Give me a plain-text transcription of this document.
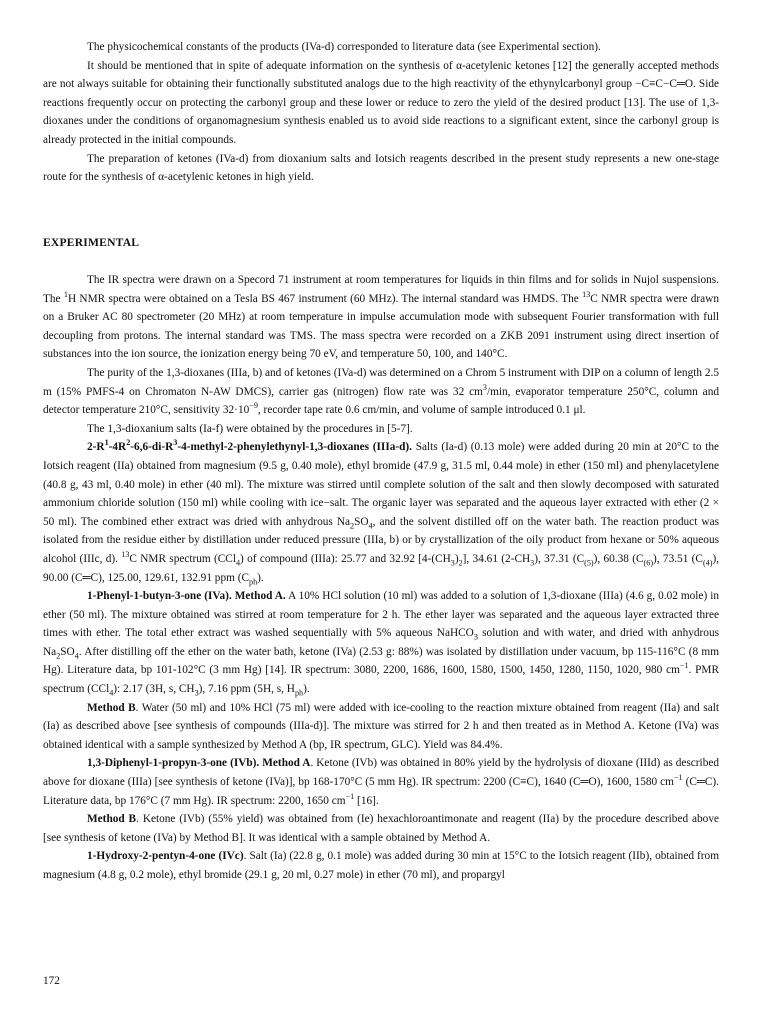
The physicochemical constants of the products (IVa-d) corresponded to literature data (see Experimental section).

It should be mentioned that in spite of adequate information on the synthesis of α-acetylenic ketones [12] the generally accepted methods are not always suitable for obtaining their functionally substituted analogs due to the high reactivity of the ethynylcarbonyl group −C≡C−C═O. Side reactions frequently occur on protecting the carbonyl group and these lower or reduce to zero the yield of the desired product [13]. The use of 1,3-dioxanes under the conditions of organomagnesium synthesis enabled us to avoid side reactions to a significant extent, since the carbonyl group is already protected in the initial compounds.

The preparation of ketones (IVa-d) from dioxanium salts and Iotsich reagents described in the present study represents a new one-stage route for the synthesis of α-acetylenic ketones in high yield.

EXPERIMENTAL

The IR spectra were drawn on a Specord 71 instrument at room temperatures for liquids in thin films and for solids in Nujol suspensions. The $^1$H NMR spectra were obtained on a Tesla BS 467 instrument (60 MHz). The internal standard was HMDS. The $^{13}$C NMR spectra were drawn on a Bruker AC 80 spectrometer (20 MHz) at room temperature in impulse accumulation mode with subsequent Fourier transformation with full decoupling from protons. The internal standard was TMS. The mass spectra were recorded on a ZKB 2091 instrument using direct insertion of substances into the ion source, the ionization energy being 70 eV, and temperature 50, 100, and 140°C.

The purity of the 1,3-dioxanes (IIIa, b) and of ketones (IVa-d) was determined on a Chrom 5 instrument with DIP on a column of length 2.5 m (15% PMFS-4 on Chromaton N-AW DMCS), carrier gas (nitrogen) flow rate was 32 $cm^3/\min$, evaporator temperature 250°C, column and detector temperature 210°C, sensitivity $32\cdot 10^{-9}$, recorder tape rate 0.6 cm/min, and volume of sample introduced 0.1 μl.

The 1,3-dioxanium salts (Ia-f) were obtained by the procedures in [5-7].

$2-R^1-4R^2-6,6-di-R^3-4-methyl-2-phenylethynyl-1,3$-dioxanes (IIIa-d). Salts (Ia-d) (0.13 mole) were added during 20 min at 20°C to the Iotsich reagent (IIa) obtained from magnesium (9.5 g, 0.40 mole), ethyl bromide (47.9 g, 31.5 ml, 0.44 mole) in ether (150 ml) and phenylacetylene (40.8 g, 43 ml, 0.40 mole) in ether (40 ml). The mixture was stirred until complete solution of the salt and then slowly decomposed with saturated ammonium chloride solution (150 ml) while cooling with ice−salt. The organic layer was separated and the aqueous layer extracted with ether (2 × 50 ml). The combined ether extract was dried with anhydrous $Na_2SO_4$, and the solvent distilled off on the water bath. The reaction product was isolated from the residue either by distillation under reduced pressure (IIIa, b) or by crystallization of the oily product from hexane or 50% aqueous alcohol (IIIc, d). $^{13}$C NMR spectrum (CCl$_4$) of compound (IIIa): 25.77 and 32.92 $[4-(CH_3)_2]$, 34.61 $(2-CH_3)$, 37.31 $(C_{(5)})$, 60.38 $(C_{(6)})$, 73.51 $(C_{(4)})$, 90.00 (C═C), 125.00, 129.61, 132.91 ppm $(C_{ph})$.

1-Phenyl-1-butyn-3-one (IVa). Method A. A 10% HCl solution (10 ml) was added to a solution of 1,3-dioxane (IIIa) (4.6 g, 0.02 mole) in ether (50 ml). The mixture obtained was stirred at room temperature for 2 h. The ether layer was separated and the aqueous layer extracted three times with ether. The total ether extract was washed sequentially with 5% aqueous NaHCO$_3$ solution and with water, and dried with anhydrous $Na_2SO_4$. After distilling off the ether on the water bath, ketone (IVa) (2.53 g: 88%) was isolated by distillation under vacuum, bp 115-116°C (8 mm Hg). Literature data, bp 101-102°C (3 mm Hg) [14]. IR spectrum: 3080, 2200, 1686, 1600, 1580, 1500, 1450, 1280, 1150, 1020, 980 $cm^{-1}$. PMR spectrum (CCl$_4$): 2.17 (3H, s, $CH_3$), 7.16 ppm (5H, s, $H_{ph}$).

Method B. Water (50 ml) and 10% HCl (75 ml) were added with ice-cooling to the reaction mixture obtained from reagent (IIa) and salt (Ia) as described above [see synthesis of compounds (IIIa-d)]. The mixture was stirred for 2 h and then treated as in Method A. Ketone (IVa) was obtained identical with a sample synthesized by Method A (bp, IR spectrum, GLC). Yield was 84.4%.

1,3-Diphenyl-1-propyn-3-one (IVb). Method A. Ketone (IVb) was obtained in 80% yield by the hydrolysis of dioxane (IIId) as described above for dioxane (IIIa) [see synthesis of ketone (IVa)], bp 168-170°C (5 mm Hg). IR spectrum: 2200 (C≡C), 1640 (C═O), 1600, 1580 $cm^{-1}$ (C═C). Literature data, bp 176°C (7 mm Hg). IR spectrum: 2200, 1650 $cm^{-1}$ [16].

Method B. Ketone (IVb) (55% yield) was obtained from (Ie) hexachloroantimonate and reagent (IIa) by the procedure described above [see synthesis of ketone (IVa) by Method B]. It was identical with a sample obtained by Method A.

1-Hydroxy-2-pentyn-4-one (IVc). Salt (Ia) (22.8 g, 0.1 mole) was added during 30 min at 15°C to the Iotsich reagent (IIb), obtained from magnesium (4.8 g, 0.2 mole), ethyl bromide (29.1 g, 20 ml, 0.27 mole) in ether (70 ml), and propargyl

172
